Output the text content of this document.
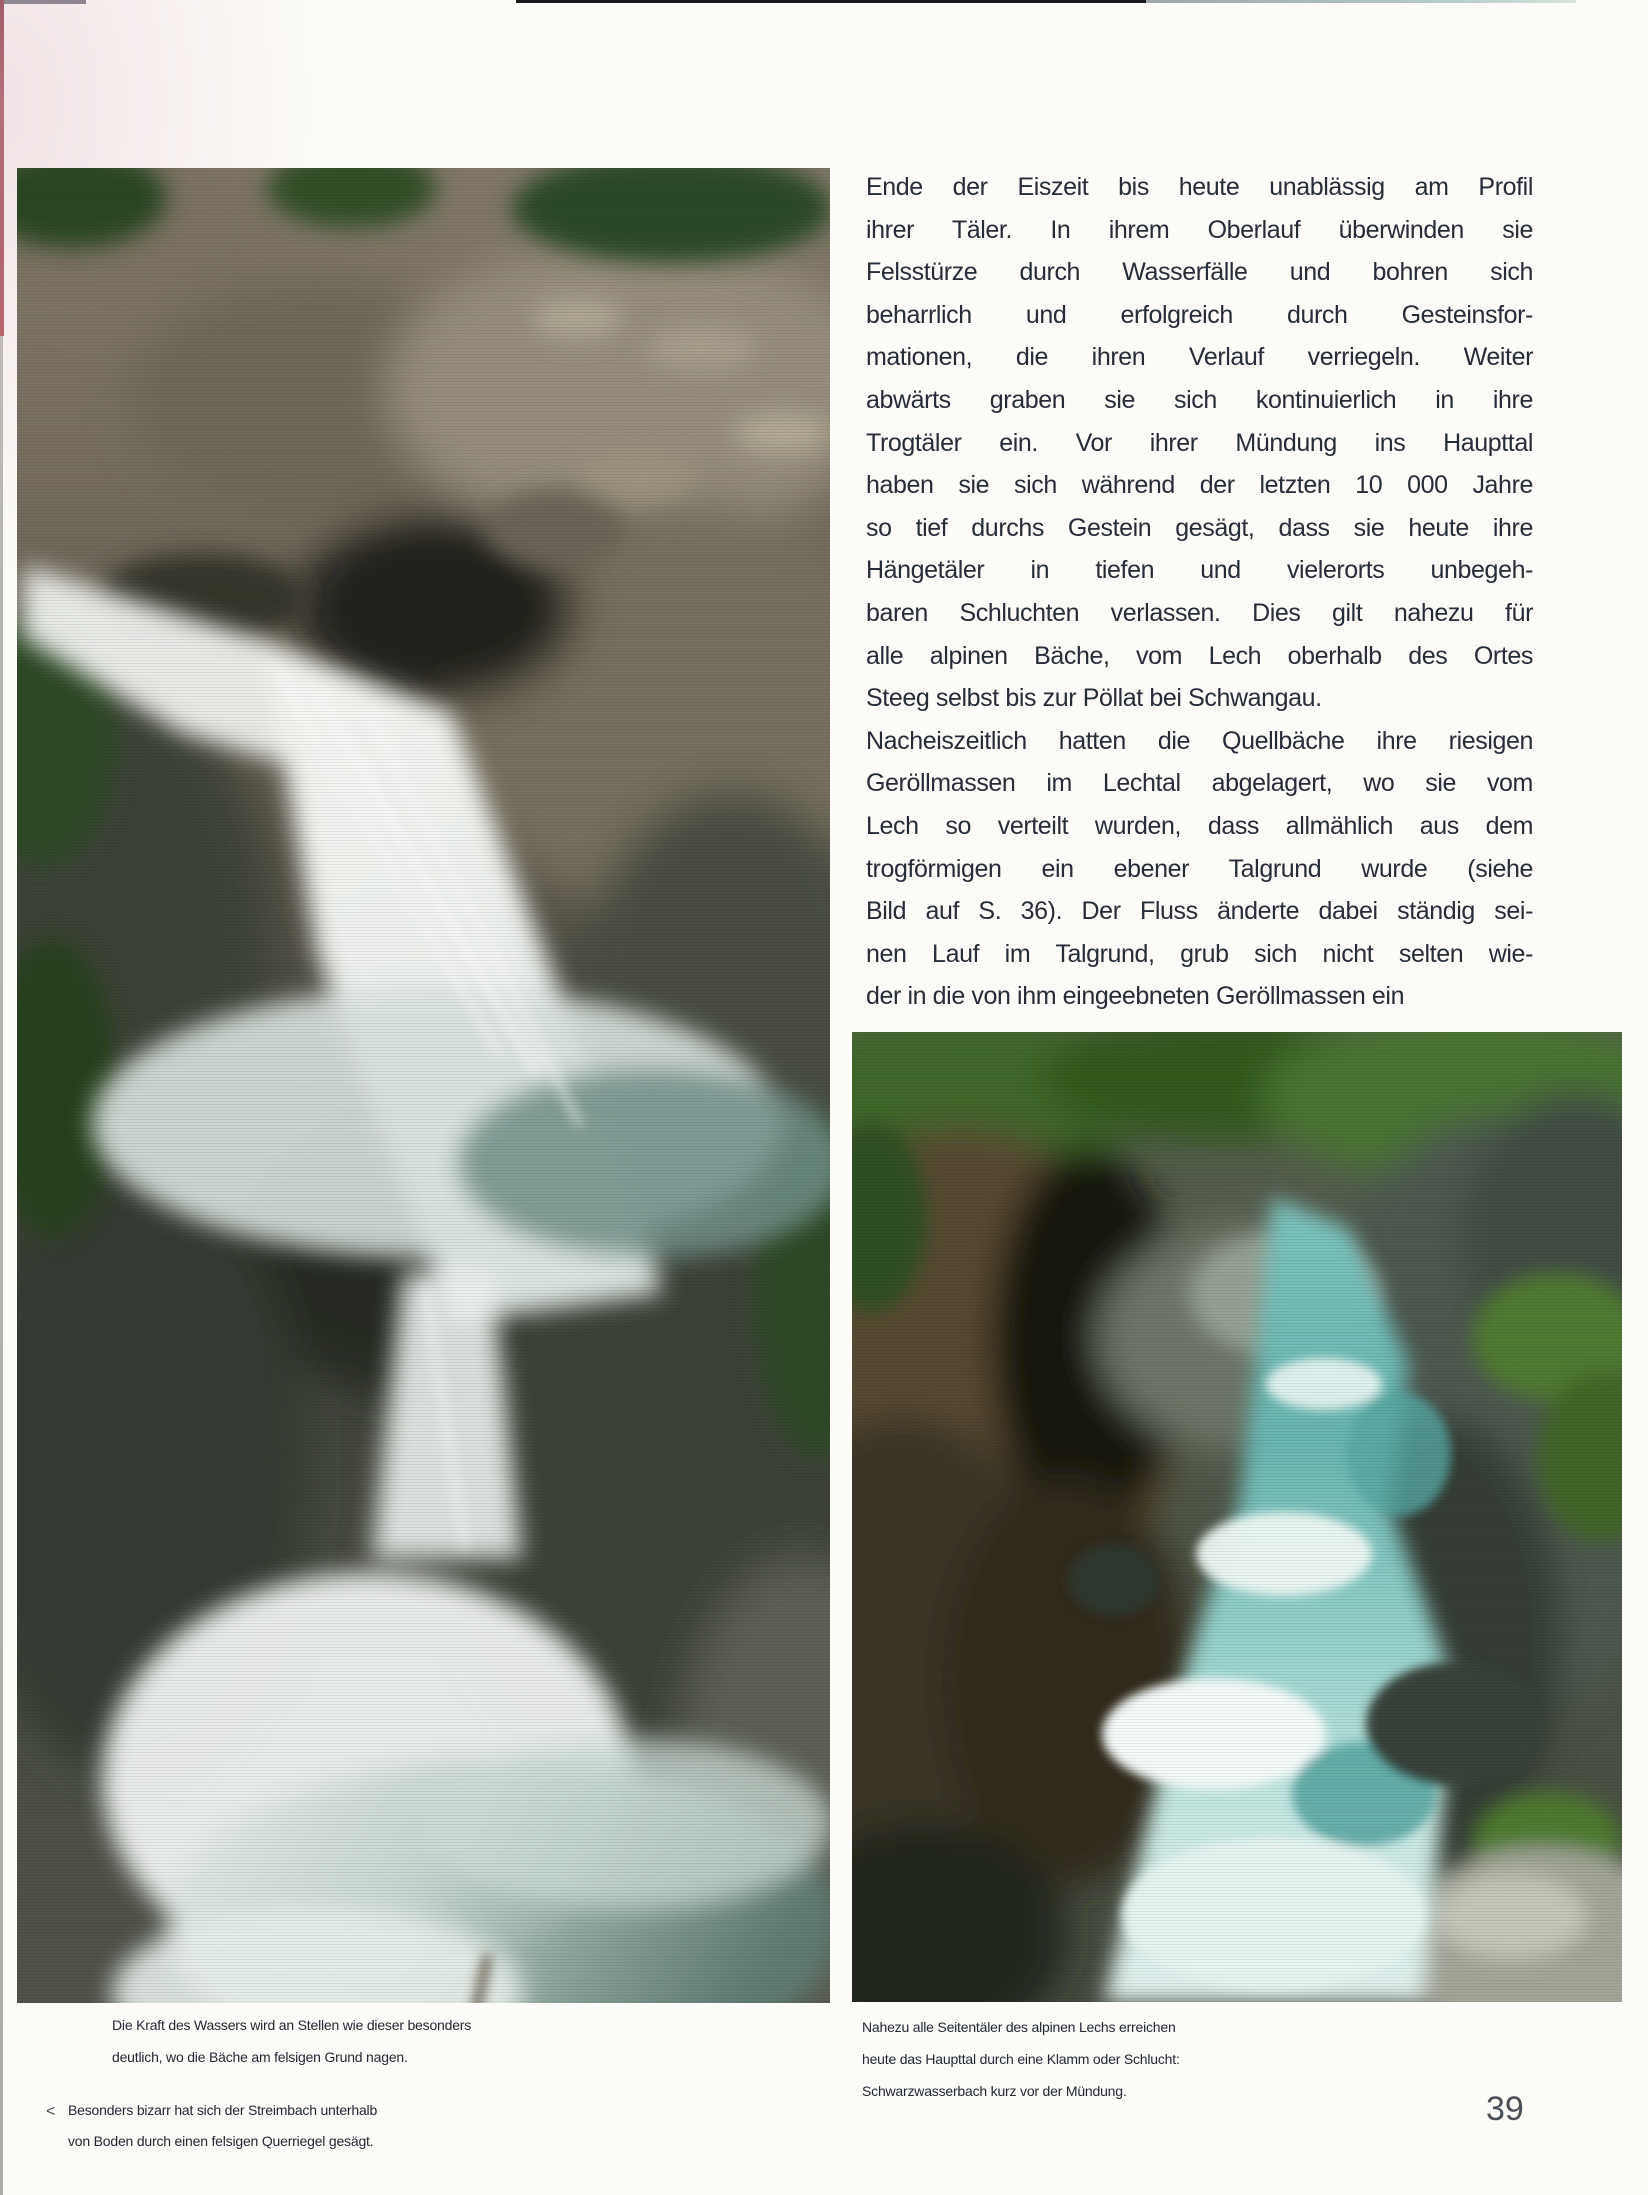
Ende der Eiszeit bis heute unablässig am Profil
ihrer Täler. In ihrem Oberlauf überwinden sie
Felsstürze durch Wasserfälle und bohren sich
beharrlich und erfolgreich durch Gesteinsfor-
mationen, die ihren Verlauf verriegeln. Weiter
abwärts graben sie sich kontinuierlich in ihre
Trogtäler ein. Vor ihrer Mündung ins Haupttal
haben sie sich während der letzten 10 000 Jahre
so tief durchs Gestein gesägt, dass sie heute ihre
Hängetäler in tiefen und vielerorts unbegeh-
baren Schluchten verlassen. Dies gilt nahezu für
alle alpinen Bäche, vom Lech oberhalb des Ortes
Steeg selbst bis zur Pöllat bei Schwangau.
Nacheiszeitlich hatten die Quellbäche ihre riesigen
Geröllmassen im Lechtal abgelagert, wo sie vom
Lech so verteilt wurden, dass allmählich aus dem
trogförmigen ein ebener Talgrund wurde (siehe
Bild auf S. 36). Der Fluss änderte dabei ständig sei-
nen Lauf im Talgrund, grub sich nicht selten wie-
der in die von ihm eingeebneten Geröllmassen ein
Die Kraft des Wassers wird an Stellen wie dieser besonders
deutlich, wo die Bäche am felsigen Grund nagen.
< Besonders bizarr hat sich der Streimbach unterhalb
von Boden durch einen felsigen Querriegel gesägt.
Nahezu alle Seitentäler des alpinen Lechs erreichen
heute das Haupttal durch eine Klamm oder Schlucht:
Schwarzwasserbach kurz vor der Mündung.	39
